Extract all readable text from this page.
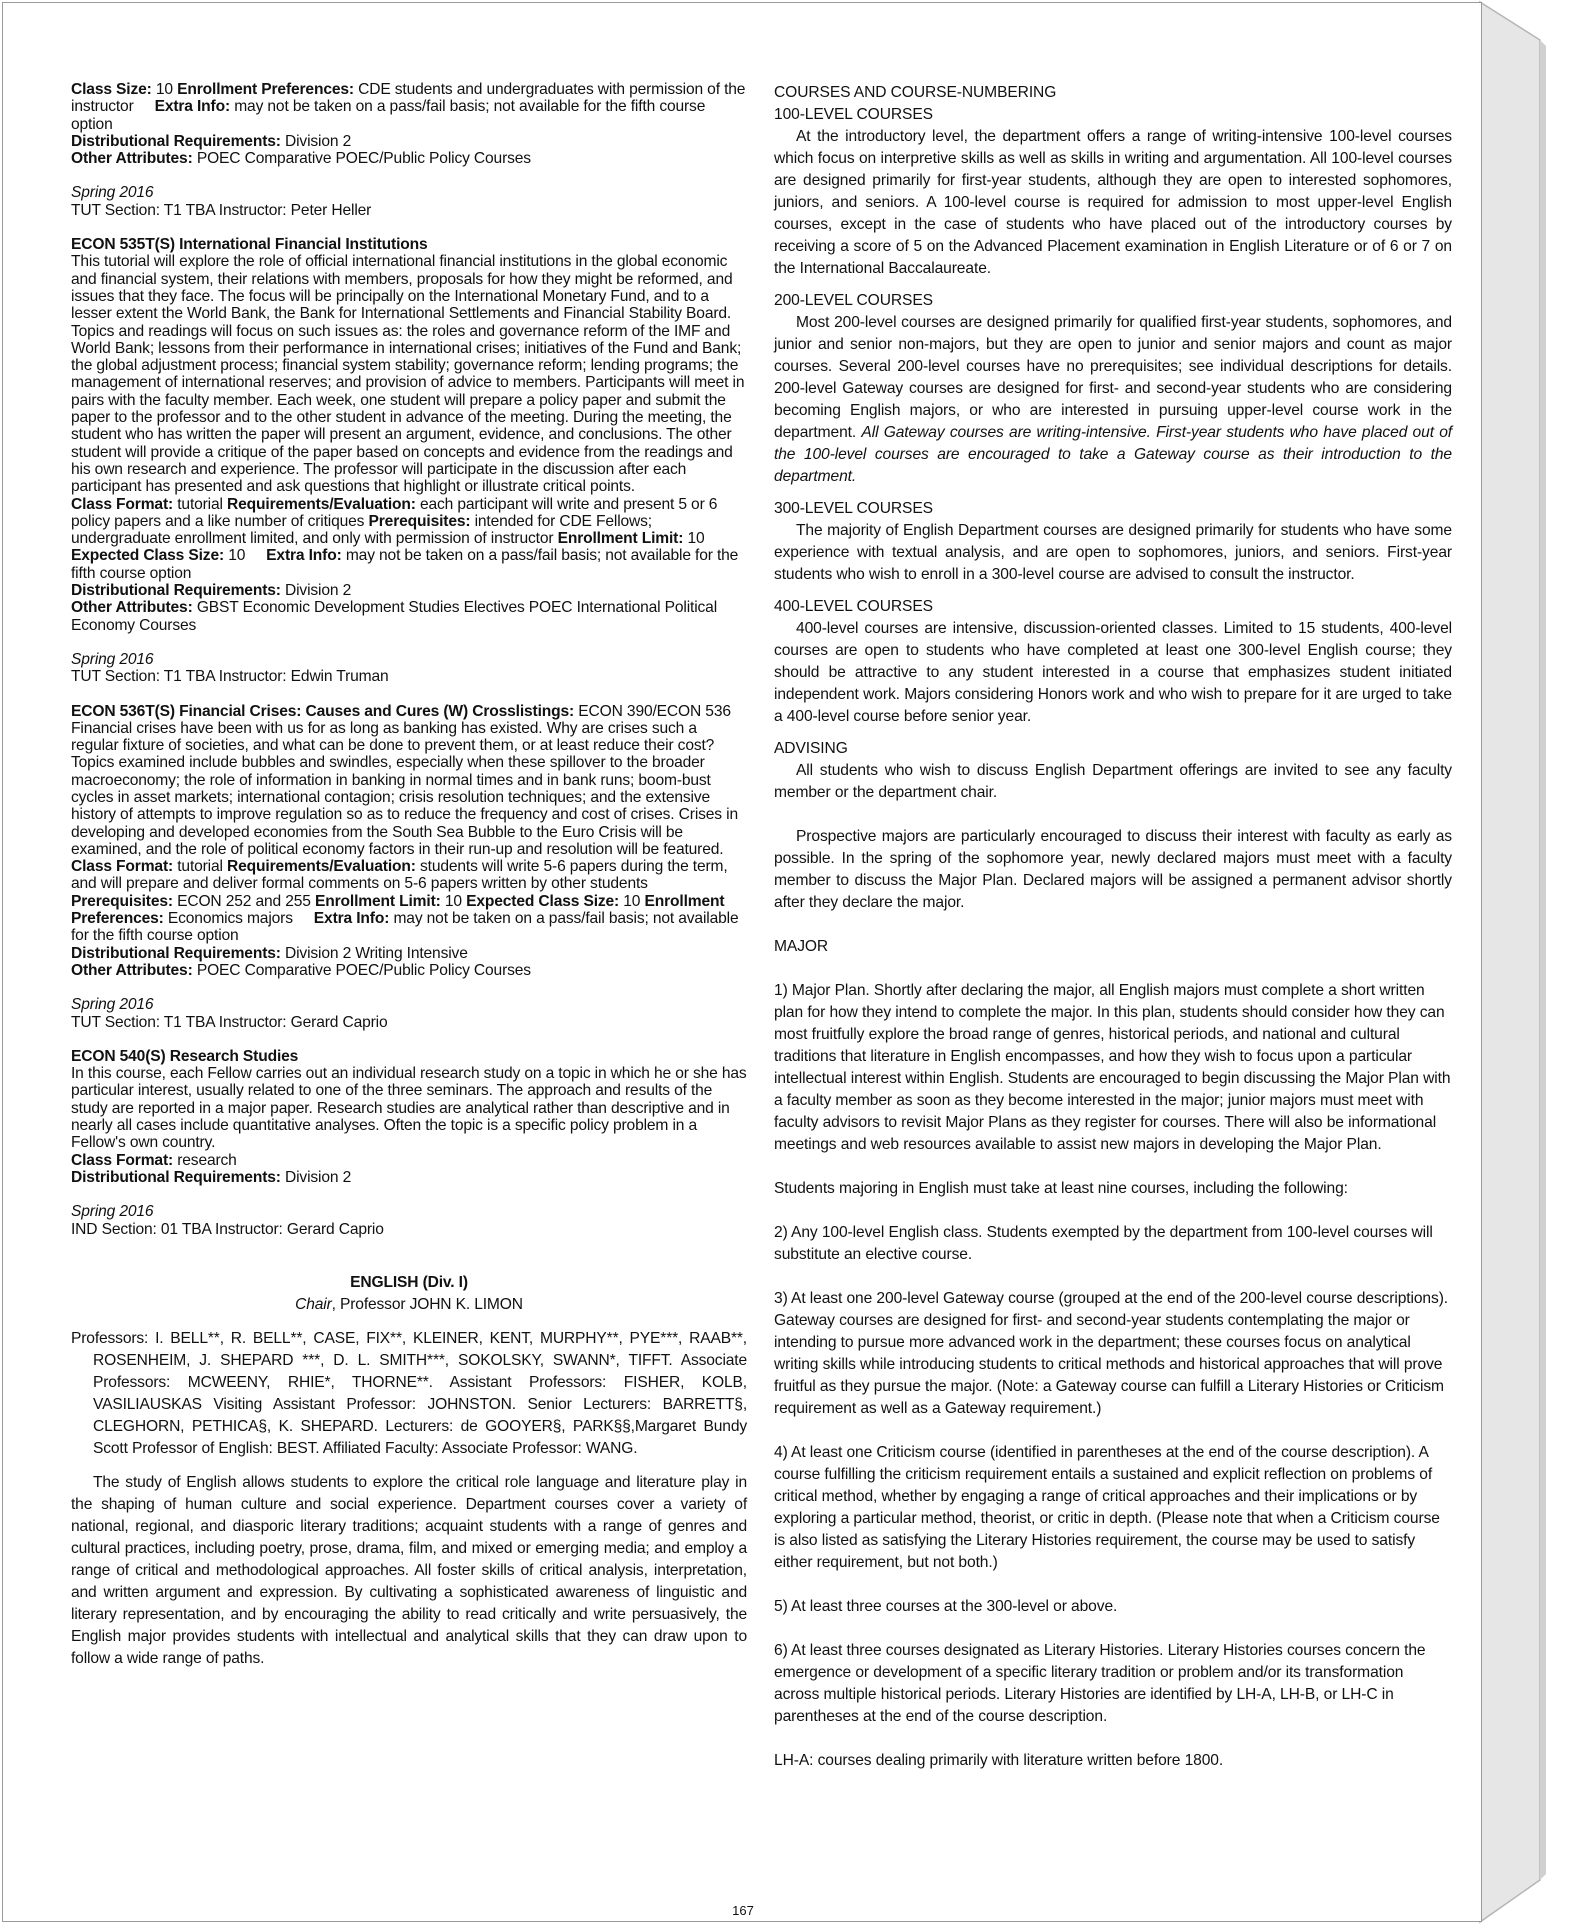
Class Size: 10 Enrollment Preferences: CDE students and undergraduates with permission of the instructor Extra Info: may not be taken on a pass/fail basis; not available for the fifth course option
Distributional Requirements: Division 2
Other Attributes: POEC Comparative POEC/Public Policy Courses
Spring 2016
TUT Section: T1 TBA Instructor: Peter Heller
ECON 535T(S) International Financial Institutions
This tutorial will explore the role of official international financial institutions in the global economic and financial system, their relations with members, proposals for how they might be reformed, and issues that they face. The focus will be principally on the International Monetary Fund, and to a lesser extent the World Bank, the Bank for International Settlements and Financial Stability Board. Topics and readings will focus on such issues as: the roles and governance reform of the IMF and World Bank; lessons from their performance in international crises; initiatives of the Fund and Bank; the global adjustment process; financial system stability; governance reform; lending programs; the management of international reserves; and provision of advice to members. Participants will meet in pairs with the faculty member. Each week, one student will prepare a policy paper and submit the paper to the professor and to the other student in advance of the meeting. During the meeting, the student who has written the paper will present an argument, evidence, and conclusions. The other student will provide a critique of the paper based on concepts and evidence from the readings and his own research and experience. The professor will participate in the discussion after each participant has presented and ask questions that highlight or illustrate critical points.
Class Format: tutorial Requirements/Evaluation: each participant will write and present 5 or 6 policy papers and a like number of critiques Prerequisites: intended for CDE Fellows; undergraduate enrollment limited, and only with permission of instructor Enrollment Limit: 10 Expected Class Size: 10 Extra Info: may not be taken on a pass/fail basis; not available for the fifth course option
Distributional Requirements: Division 2
Other Attributes: GBST Economic Development Studies Electives POEC International Political Economy Courses
Spring 2016
TUT Section: T1 TBA Instructor: Edwin Truman
ECON 536T(S) Financial Crises: Causes and Cures (W) Crosslistings: ECON 390/ECON 536
Financial crises have been with us for as long as banking has existed. Why are crises such a regular fixture of societies, and what can be done to prevent them, or at least reduce their cost? Topics examined include bubbles and swindles, especially when these spillover to the broader macroeconomy; the role of information in banking in normal times and in bank runs; boom-bust cycles in asset markets; international contagion; crisis resolution techniques; and the extensive history of attempts to improve regulation so as to reduce the frequency and cost of crises. Crises in developing and developed economies from the South Sea Bubble to the Euro Crisis will be examined, and the role of political economy factors in their run-up and resolution will be featured.
Class Format: tutorial Requirements/Evaluation: students will write 5-6 papers during the term, and will prepare and deliver formal comments on 5-6 papers written by other students Prerequisites: ECON 252 and 255 Enrollment Limit: 10 Expected Class Size: 10 Enrollment Preferences: Economics majors Extra Info: may not be taken on a pass/fail basis; not available for the fifth course option
Distributional Requirements: Division 2 Writing Intensive
Other Attributes: POEC Comparative POEC/Public Policy Courses
Spring 2016
TUT Section: T1 TBA Instructor: Gerard Caprio
ECON 540(S) Research Studies
In this course, each Fellow carries out an individual research study on a topic in which he or she has particular interest, usually related to one of the three seminars. The approach and results of the study are reported in a major paper. Research studies are analytical rather than descriptive and in nearly all cases include quantitative analyses. Often the topic is a specific policy problem in a Fellow's own country.
Class Format: research
Distributional Requirements: Division 2
Spring 2016
IND Section: 01 TBA Instructor: Gerard Caprio
ENGLISH (Div. I)
Chair, Professor JOHN K. LIMON
Professors: I. BELL**, R. BELL**, CASE, FIX**, KLEINER, KENT, MURPHY**, PYE***, RAAB**, ROSENHEIM, J. SHEPARD ***, D. L. SMITH***, SOKOLSKY, SWANN*, TIFFT. Associate Professors: MCWEENY, RHIE*, THORNE**. Assistant Professors: FISHER, KOLB, VASILIAUSKAS Visiting Assistant Professor: JOHNSTON. Senior Lecturers: BARRETT§, CLEGHORN, PETHICA§, K. SHEPARD. Lecturers: de GOOYER§, PARK§§,Margaret Bundy Scott Professor of English: BEST. Affiliated Faculty: Associate Professor: WANG.
The study of English allows students to explore the critical role language and literature play in the shaping of human culture and social experience. Department courses cover a variety of national, regional, and diasporic literary traditions; acquaint students with a range of genres and cultural practices, including poetry, prose, drama, film, and mixed or emerging media; and employ a range of critical and methodological approaches. All foster skills of critical analysis, interpretation, and written argument and expression. By cultivating a sophisticated awareness of linguistic and literary representation, and by encouraging the ability to read critically and write persuasively, the English major provides students with intellectual and analytical skills that they can draw upon to follow a wide range of paths.
COURSES AND COURSE-NUMBERING
100-LEVEL COURSES
At the introductory level, the department offers a range of writing-intensive 100-level courses which focus on interpretive skills as well as skills in writing and argumentation. All 100-level courses are designed primarily for first-year students, although they are open to interested sophomores, juniors, and seniors. A 100-level course is required for admission to most upper-level English courses, except in the case of students who have placed out of the introductory courses by receiving a score of 5 on the Advanced Placement examination in English Literature or of 6 or 7 on the International Baccalaureate.
200-LEVEL COURSES
Most 200-level courses are designed primarily for qualified first-year students, sophomores, and junior and senior non-majors, but they are open to junior and senior majors and count as major courses. Several 200-level courses have no prerequisites; see individual descriptions for details. 200-level Gateway courses are designed for first- and second-year students who are considering becoming English majors, or who are interested in pursuing upper-level course work in the department. All Gateway courses are writing-intensive. First-year students who have placed out of the 100-level courses are encouraged to take a Gateway course as their introduction to the department.
300-LEVEL COURSES
The majority of English Department courses are designed primarily for students who have some experience with textual analysis, and are open to sophomores, juniors, and seniors. First-year students who wish to enroll in a 300-level course are advised to consult the instructor.
400-LEVEL COURSES
400-level courses are intensive, discussion-oriented classes. Limited to 15 students, 400-level courses are open to students who have completed at least one 300-level English course; they should be attractive to any student interested in a course that emphasizes student initiated independent work. Majors considering Honors work and who wish to prepare for it are urged to take a 400-level course before senior year.
ADVISING
All students who wish to discuss English Department offerings are invited to see any faculty member or the department chair.
Prospective majors are particularly encouraged to discuss their interest with faculty as early as possible. In the spring of the sophomore year, newly declared majors must meet with a faculty member to discuss the Major Plan. Declared majors will be assigned a permanent advisor shortly after they declare the major.
MAJOR
1) Major Plan. Shortly after declaring the major, all English majors must complete a short written plan for how they intend to complete the major. In this plan, students should consider how they can most fruitfully explore the broad range of genres, historical periods, and national and cultural traditions that literature in English encompasses, and how they wish to focus upon a particular intellectual interest within English. Students are encouraged to begin discussing the Major Plan with a faculty member as soon as they become interested in the major; junior majors must meet with faculty advisors to revisit Major Plans as they register for courses. There will also be informational meetings and web resources available to assist new majors in developing the Major Plan.
Students majoring in English must take at least nine courses, including the following:
2) Any 100-level English class. Students exempted by the department from 100-level courses will substitute an elective course.
3) At least one 200-level Gateway course (grouped at the end of the 200-level course descriptions). Gateway courses are designed for first- and second-year students contemplating the major or intending to pursue more advanced work in the department; these courses focus on analytical writing skills while introducing students to critical methods and historical approaches that will prove fruitful as they pursue the major. (Note: a Gateway course can fulfill a Literary Histories or Criticism requirement as well as a Gateway requirement.)
4) At least one Criticism course (identified in parentheses at the end of the course description). A course fulfilling the criticism requirement entails a sustained and explicit reflection on problems of critical method, whether by engaging a range of critical approaches and their implications or by exploring a particular method, theorist, or critic in depth. (Please note that when a Criticism course is also listed as satisfying the Literary Histories requirement, the course may be used to satisfy either requirement, but not both.)
5) At least three courses at the 300-level or above.
6) At least three courses designated as Literary Histories. Literary Histories courses concern the emergence or development of a specific literary tradition or problem and/or its transformation across multiple historical periods. Literary Histories are identified by LH-A, LH-B, or LH-C in parentheses at the end of the course description.
LH-A: courses dealing primarily with literature written before 1800.
167
